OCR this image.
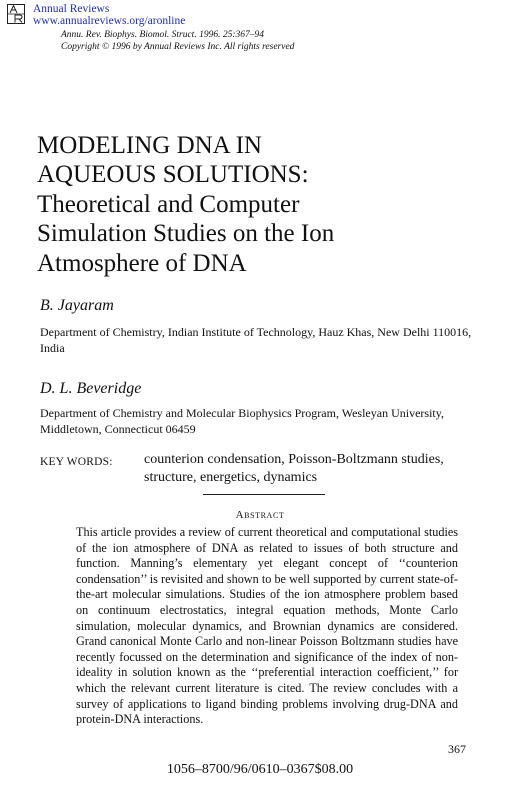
Annual Reviews
www.annualreviews.org/aronline
Annu. Rev. Biophys. Biomol. Struct. 1996. 25:367–94
Copyright © 1996 by Annual Reviews Inc. All rights reserved
MODELING DNA IN
AQUEOUS SOLUTIONS:
Theoretical and Computer
Simulation Studies on the Ion
Atmosphere of DNA
B. Jayaram
Department of Chemistry, Indian Institute of Technology, Hauz Khas, New Delhi 110016, India
D. L. Beveridge
Department of Chemistry and Molecular Biophysics Program, Wesleyan University, Middletown, Connecticut 06459
KEY WORDS: counterion condensation, Poisson-Boltzmann studies, structure, energetics, dynamics
Abstract
This article provides a review of current theoretical and computational studies of the ion atmosphere of DNA as related to issues of both structure and function. Manning’s elementary yet elegant concept of ‘‘counterion condensation’’ is revisited and shown to be well supported by current state-of-the-art molecular simulations. Studies of the ion atmosphere problem based on continuum electrostatics, integral equation methods, Monte Carlo simulation, molecular dynamics, and Brownian dynamics are considered. Grand canonical Monte Carlo and non-linear Poisson Boltzmann studies have recently focussed on the determination and significance of the index of non-ideality in solution known as the ‘‘preferential interaction coefficient,’’ for which the relevant current literature is cited. The review concludes with a survey of applications to ligand binding problems involving drug-DNA and protein-DNA interactions.
367
1056–8700/96/0610–0367$08.00
